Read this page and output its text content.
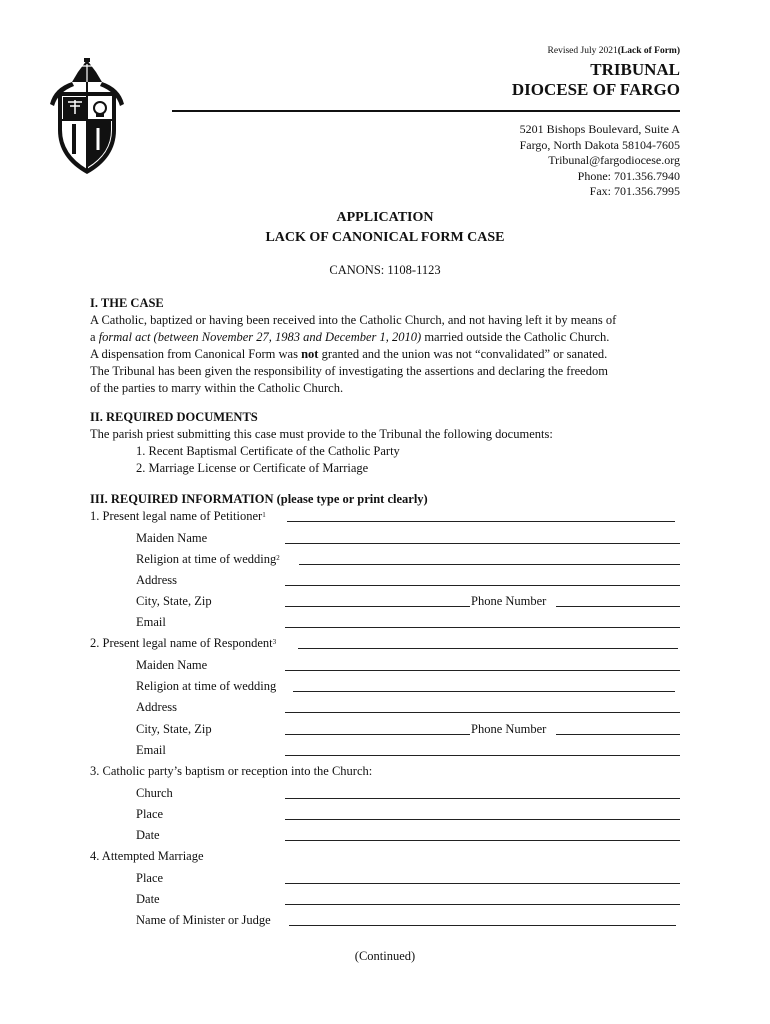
Revised July 2021(Lack of Form)
TRIBUNAL
DIOCESE OF FARGO
5201 Bishops Boulevard, Suite A
Fargo, North Dakota 58104-7605
Tribunal@fargodiocese.org
Phone: 701.356.7940
Fax: 701.356.7995
APPLICATION
LACK OF CANONICAL FORM CASE
CANONS: 1108-1123
I. THE CASE
A Catholic, baptized or having been received into the Catholic Church, and not having left it by means of
a formal act (between November 27, 1983 and December 1, 2010) married outside the Catholic Church.
A dispensation from Canonical Form was not granted and the union was not “convalidated” or sanated.
The Tribunal has been given the responsibility of investigating the assertions and declaring the freedom
of the parties to marry within the Catholic Church.
II. REQUIRED DOCUMENTS
The parish priest submitting this case must provide to the Tribunal the following documents:
1. Recent Baptismal Certificate of the Catholic Party
2. Marriage License or Certificate of Marriage
III. REQUIRED INFORMATION (please type or print clearly)
1. Present legal name of Petitioner$^1$
Maiden Name
Religion at time of wedding$^2$
Address
City, State, Zip	Phone Number
Email
2. Present legal name of Respondent$^3$
Maiden Name
Religion at time of wedding
Address
City, State, Zip	Phone Number
Email
3. Catholic party’s baptism or reception into the Church:
Church
Place
Date
4. Attempted Marriage
Place
Date
Name of Minister or Judge
(Continued)
